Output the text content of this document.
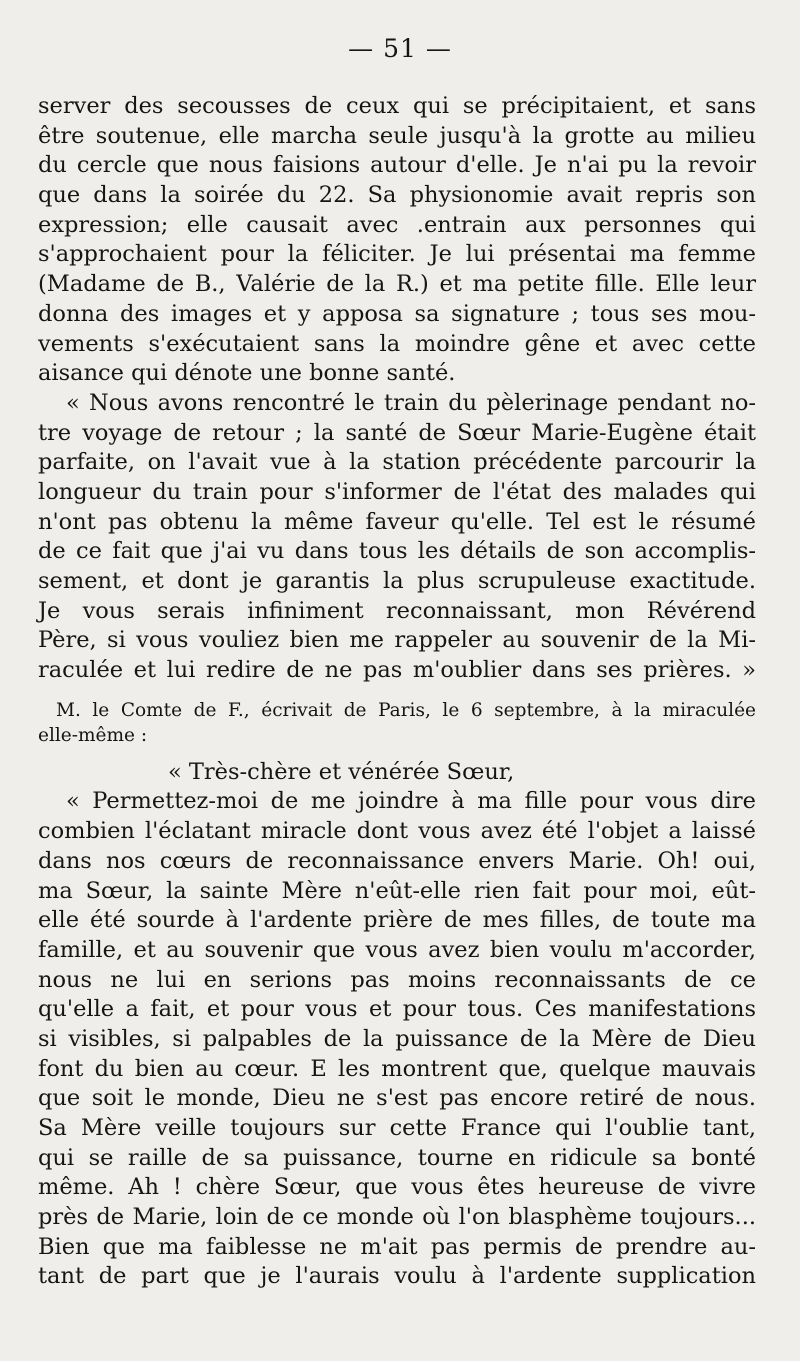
— 51 —
server des secousses de ceux qui se précipitaient, et sans
être soutenue, elle marcha seule jusqu'à la grotte au milieu
du cercle que nous faisions autour d'elle. Je n'ai pu la revoir
que dans la soirée du 22. Sa physionomie avait repris son
expression; elle causait avec .entrain aux personnes qui
s'approchaient pour la féliciter. Je lui présentai ma femme
(Madame de B., Valérie de la R.) et ma petite fille. Elle leur
donna des images et y apposa sa signature ; tous ses mou-
vements s'exécutaient sans la moindre gêne et avec cette
aisance qui dénote une bonne santé.
« Nous avons rencontré le train du pèlerinage pendant no-
tre voyage de retour ; la santé de Sœur Marie-Eugène était
parfaite, on l'avait vue à la station précédente parcourir la
longueur du train pour s'informer de l'état des malades qui
n'ont pas obtenu la même faveur qu'elle. Tel est le résumé
de ce fait que j'ai vu dans tous les détails de son accomplis-
sement, et dont je garantis la plus scrupuleuse exactitude.
Je vous serais infiniment reconnaissant, mon Révérend
Père, si vous vouliez bien me rappeler au souvenir de la Mi-
raculée et lui redire de ne pas m'oublier dans ses prières. »
M. le Comte de F., écrivait de Paris, le 6 septembre, à la miraculée
elle-même :
« Très-chère et vénérée Sœur,
« Permettez-moi de me joindre à ma fille pour vous dire
combien l'éclatant miracle dont vous avez été l'objet a laissé
dans nos cœurs de reconnaissance envers Marie. Oh! oui,
ma Sœur, la sainte Mère n'eût-elle rien fait pour moi, eût-
elle été sourde à l'ardente prière de mes filles, de toute ma
famille, et au souvenir que vous avez bien voulu m'accorder,
nous ne lui en serions pas moins reconnaissants de ce
qu'elle a fait, et pour vous et pour tous. Ces manifestations
si visibles, si palpables de la puissance de la Mère de Dieu
font du bien au cœur. E les montrent que, quelque mauvais
que soit le monde, Dieu ne s'est pas encore retiré de nous.
Sa Mère veille toujours sur cette France qui l'oublie tant,
qui se raille de sa puissance, tourne en ridicule sa bonté
même. Ah ! chère Sœur, que vous êtes heureuse de vivre
près de Marie, loin de ce monde où l'on blasphème toujours...
Bien que ma faiblesse ne m'ait pas permis de prendre au-
tant de part que je l'aurais voulu à l'ardente supplication
